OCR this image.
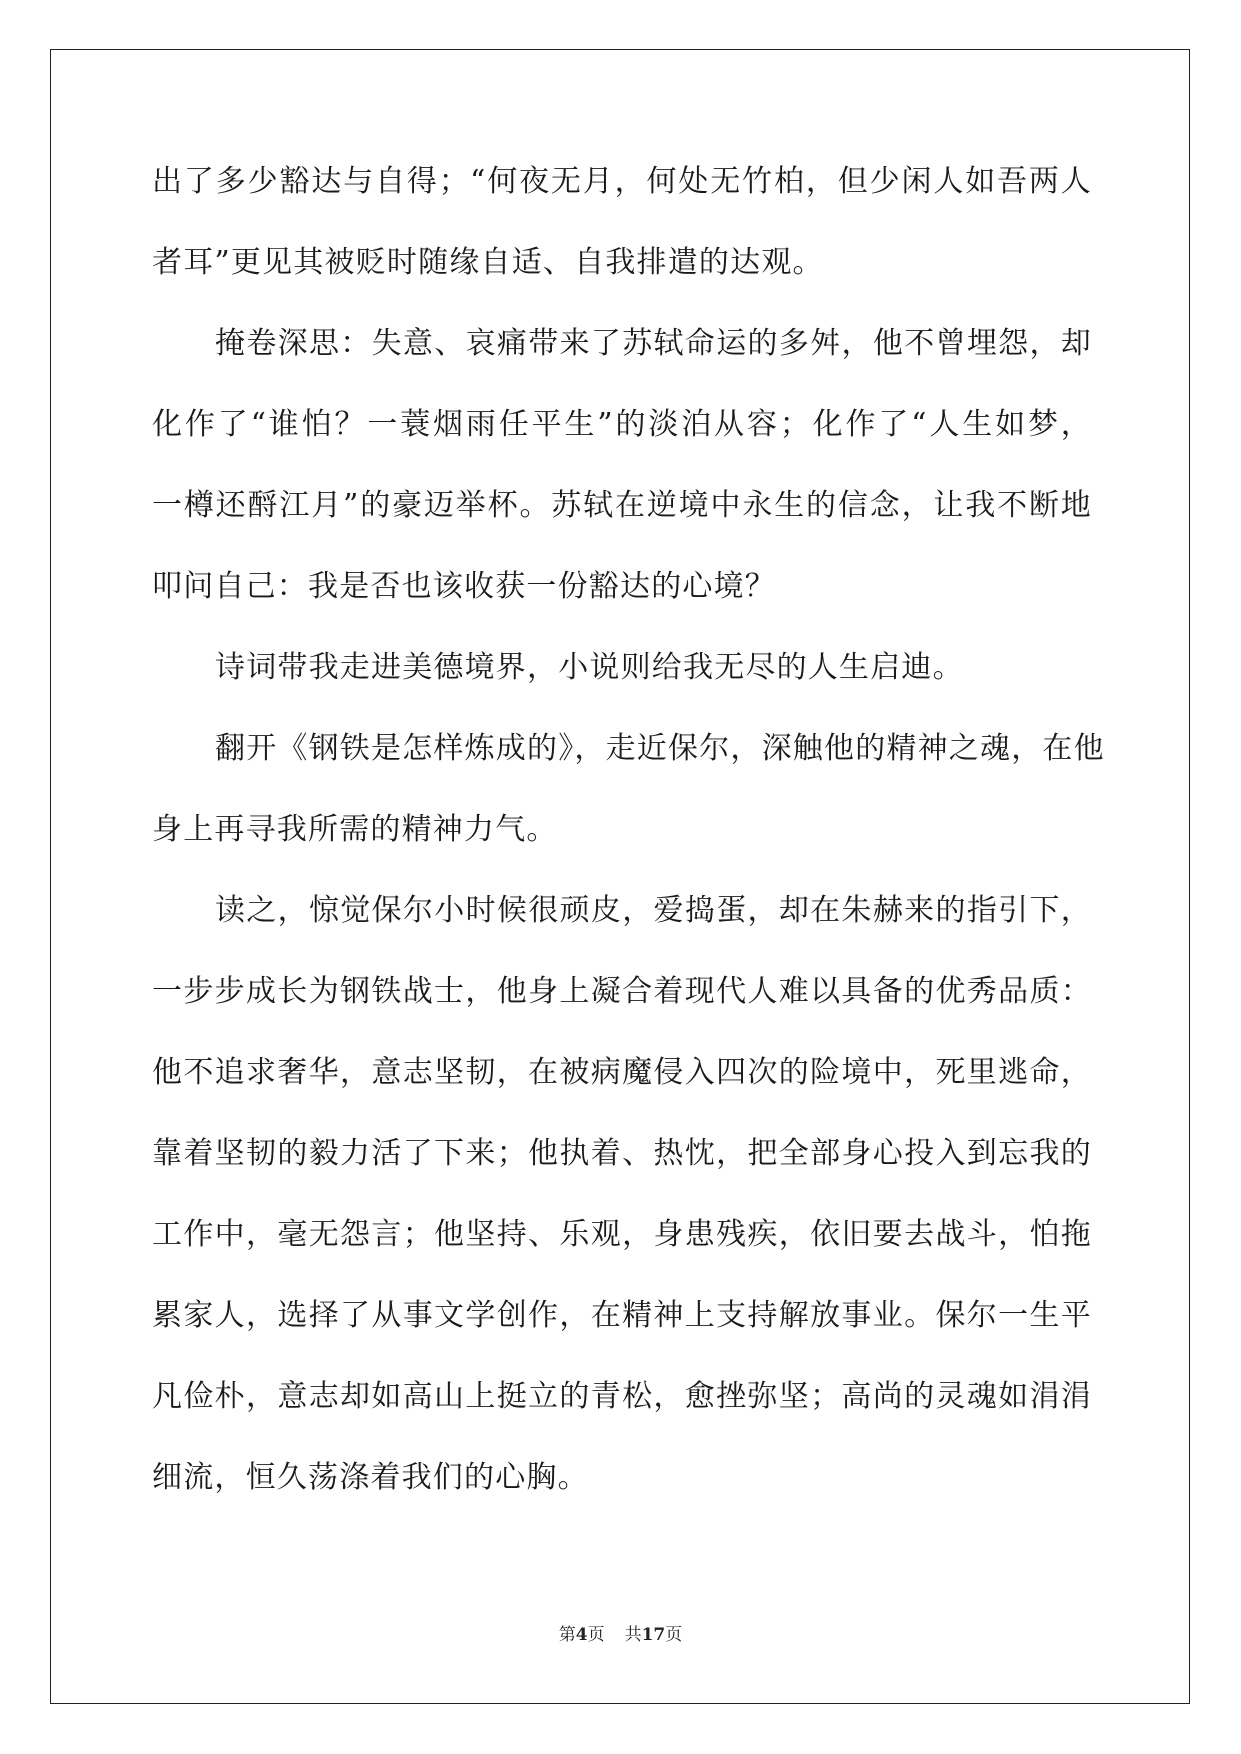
出了多少豁达与自得；“何夜无月，何处无竹柏，但少闲人如吾两人
者耳”更见其被贬时随缘自适、自我排遣的达观。
掩卷深思：失意、哀痛带来了苏轼命运的多舛，他不曾埋怨，却
化作了“谁怕？一蓑烟雨任平生”的淡泊从容；化作了“人生如梦，
一樽还酹江月”的豪迈举杯。苏轼在逆境中永生的信念，让我不断地
叩问自己：我是否也该收获一份豁达的心境？
诗词带我走进美德境界，小说则给我无尽的人生启迪。
翻开《钢铁是怎样炼成的》，走近保尔，深触他的精神之魂，在他
身上再寻我所需的精神力气。
读之，惊觉保尔小时候很顽皮，爱捣蛋，却在朱赫来的指引下，
一步步成长为钢铁战士，他身上凝合着现代人难以具备的优秀品质：
他不追求奢华，意志坚韧，在被病魔侵入四次的险境中，死里逃命，
靠着坚韧的毅力活了下来；他执着、热忱，把全部身心投入到忘我的
工作中，毫无怨言；他坚持、乐观，身患残疾，依旧要去战斗，怕拖
累家人，选择了从事文学创作，在精神上支持解放事业。保尔一生平
凡俭朴，意志却如高山上挺立的青松，愈挫弥坚；高尚的灵魂如涓涓
细流，恒久荡涤着我们的心胸。
第4页 共17页
